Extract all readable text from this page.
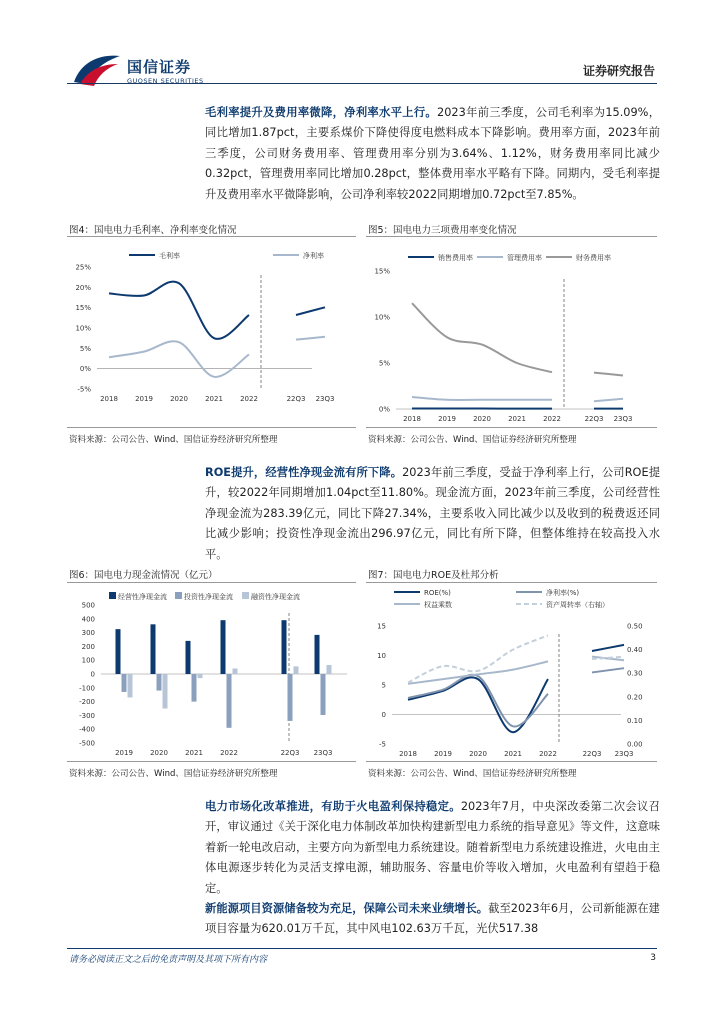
国信证券
GUOSEN SECURITIES
证券研究报告
毛利率提升及费用率微降，净利率水平上行。2023年前三季度，公司毛利率为15.09%，同比增加1.87pct，主要系煤价下降使得度电燃料成本下降影响。费用率方面，2023年前三季度，公司财务费用率、管理费用率分别为3.64%、1.12%，财务费用率同比减少0.32pct，管理费用率同比增加0.28pct，整体费用率水平略有下降。同期内，受毛利率提升及费用率水平微降影响，公司净利率较2022同期增加0.72pct至7.85%。
图4：国电电力毛利率、净利率变化情况
25%
20%
15%
10%
5%
0%
-5%
2018 2019 2020 2021 2022	22Q3 23Q3
毛利率	净利率
资料来源：公司公告、Wind、国信证券经济研究所整理
图5：国电电力三项费用率变化情况
15%
10%
5%
0%
2018 2019 2020 2021 2022	22Q3 23Q3
销售费用率	管理费用率	财务费用率
资料来源：公司公告、Wind、国信证券经济研究所整理
ROE提升，经营性净现金流有所下降。2023年前三季度，受益于净利率上行，公司ROE提升，较2022年同期增加1.04pct至11.80%。现金流方面，2023年前三季度，公司经营性净现金流为283.39亿元，同比下降27.34%，主要系收入同比减少以及收到的税费返还同比减少影响；投资性净现金流出296.97亿元，同比有所下降，但整体维持在较高投入水平。
图6：国电电力现金流情况（亿元）
500
400
300
200
100
0
-100
-200
-300
-400
-500
2019 2020 2021 2022	22Q3 23Q3
经营性净现金流 投资性净现金流	融资性净现金流
资料来源：公司公告、Wind、国信证券经济研究所整理
图7：国电电力ROE及杜邦分析
15
10
5
0
-5
0.50
0.40
0.30
0.20
0.10
0.00
2018 2019 2020 2021 2022	22Q3 23Q3
ROE(%)	净利率(%)
权益乘数	资产周转率（右轴）
资料来源：公司公告、Wind、国信证券经济研究所整理
电力市场化改革推进，有助于火电盈利保持稳定。2023年7月，中央深改委第二次会议召开，审议通过《关于深化电力体制改革加快构建新型电力系统的指导意见》等文件，这意味着新一轮电改启动，主要方向为新型电力系统建设。随着新型电力系统建设推进，火电由主体电源逐步转化为灵活支撑电源，辅助服务、容量电价等收入增加，火电盈利有望趋于稳定。
新能源项目资源储备较为充足，保障公司未来业绩增长。截至2023年6月，公司新能源在建项目容量为620.01万千瓦，其中风电102.63万千瓦，光伏517.38
请务必阅读正文之后的免责声明及其项下所有内容	3
